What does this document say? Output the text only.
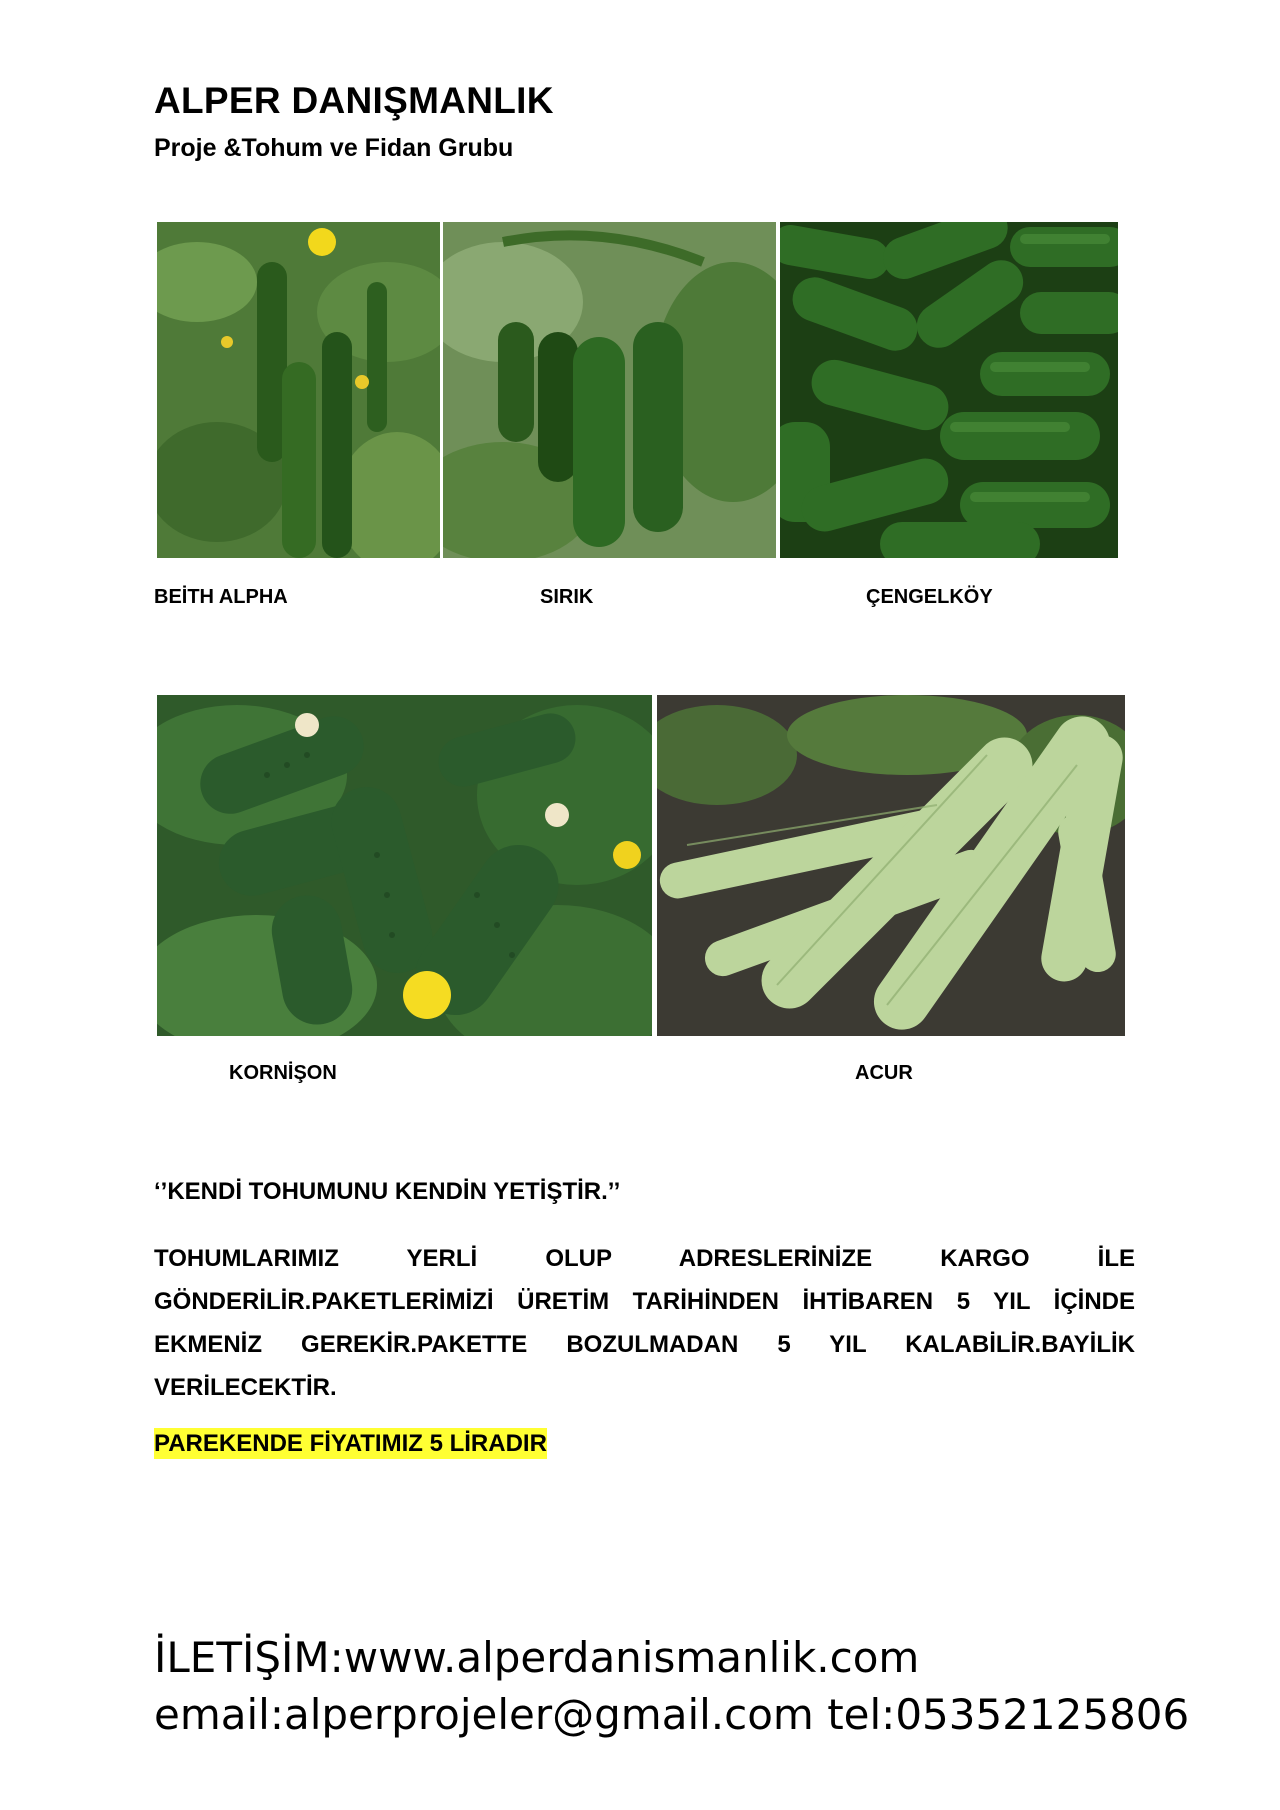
ALPER DANIŞMANLIK
Proje &Tohum ve Fidan Grubu
BEİTH ALPHA	SIRIK	ÇENGELKÖY
KORNİŞON	ACUR
‘’KENDİ TOHUMUNU KENDİN YETİŞTİR.’’

TOHUMLARIMIZ YERLİ OLUP ADRESLERİNİZE KARGO İLE GÖNDERİLİR.PAKETLERİMİZİ ÜRETİM TARİHİNDEN İHTİBAREN 5 YIL İÇİNDE EKMENİZ GEREKİR.PAKETTE BOZULMADAN 5 YIL KALABİLİR.BAYİLİK VERİLECEKTİR.

PAREKENDE FİYATIMIZ 5 LİRADIR
İLETİŞİM:www.alperdanismanlik.com
email:alperprojeler@gmail.com tel:05352125806
